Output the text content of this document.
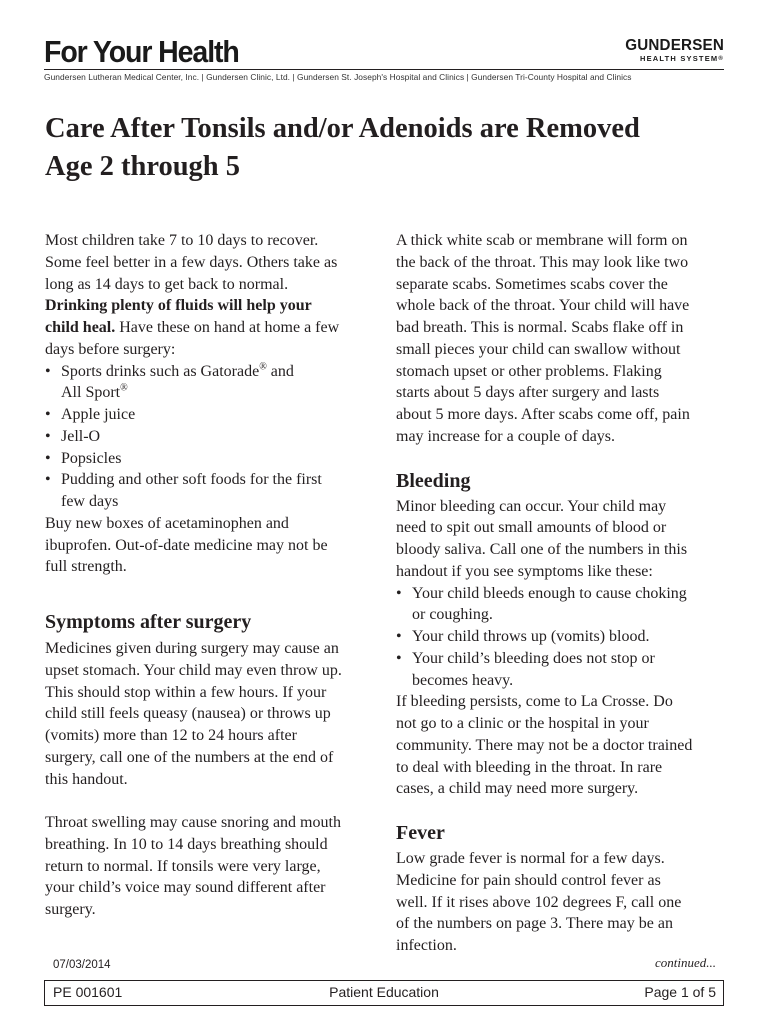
For Your Health	GUNDERSEN
HEALTH SYSTEM®
Gundersen Lutheran Medical Center, Inc. | Gundersen Clinic, Ltd. | Gundersen St. Joseph's Hospital and Clinics | Gundersen Tri-County Hospital and Clinics
Care After Tonsils and/or Adenoids are Removed
Age 2 through 5

Most children take 7 to 10 days to recover.
Some feel better in a few days. Others take as
long as 14 days to get back to normal.
Drinking plenty of fluids will help your
child heal. Have these on hand at home a few
days before surgery:

• Sports drinks such as Gatorade® and
All Sport®
• Apple juice
• Jell-O
• Popsicles
• Pudding and other soft foods for the first
few days

Buy new boxes of acetaminophen and
ibuprofen. Out-of-date medicine may not be
full strength.

Symptoms after surgery

Medicines given during surgery may cause an
upset stomach. Your child may even throw up.
This should stop within a few hours. If your
child still feels queasy (nausea) or throws up
(vomits) more than 12 to 24 hours after
surgery, call one of the numbers at the end of
this handout.

Throat swelling may cause snoring and mouth
breathing. In 10 to 14 days breathing should
return to normal. If tonsils were very large,
your child’s voice may sound different after
surgery.

A thick white scab or membrane will form on
the back of the throat. This may look like two
separate scabs. Sometimes scabs cover the
whole back of the throat. Your child will have
bad breath. This is normal. Scabs flake off in
small pieces your child can swallow without
stomach upset or other problems. Flaking
starts about 5 days after surgery and lasts
about 5 more days. After scabs come off, pain
may increase for a couple of days.

Bleeding

Minor bleeding can occur. Your child may
need to spit out small amounts of blood or
bloody saliva. Call one of the numbers in this
handout if you see symptoms like these:

• Your child bleeds enough to cause choking
or coughing.
• Your child throws up (vomits) blood.
• Your child’s bleeding does not stop or
becomes heavy.

If bleeding persists, come to La Crosse. Do
not go to a clinic or the hospital in your
community. There may not be a doctor trained
to deal with bleeding in the throat. In rare
cases, a child may need more surgery.

Fever

Low grade fever is normal for a few days.
Medicine for pain should control fever as
well. If it rises above 102 degrees F, call one
of the numbers on page 3. There may be an
infection.

07/03/2014	continued...
PE 001601	Patient Education	Page 1 of 5
